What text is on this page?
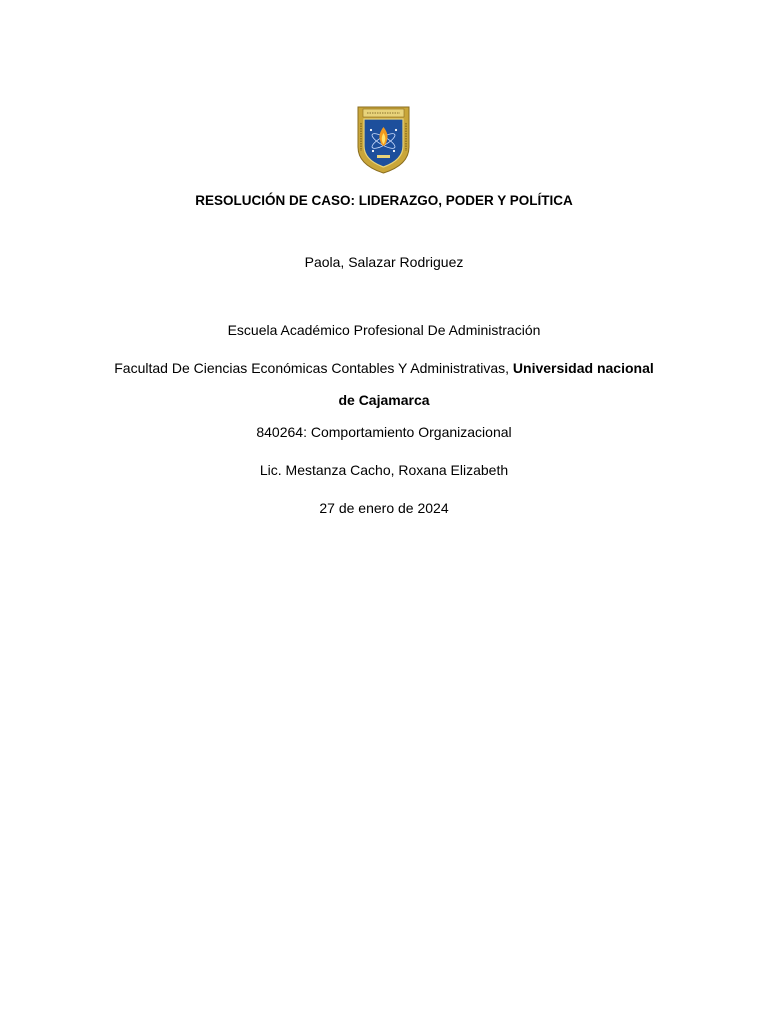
RESOLUCIÓN DE CASO: LIDERAZGO, PODER Y POLÍTICA
Paola, Salazar Rodriguez
Escuela Académico Profesional De Administración
Facultad De Ciencias Económicas Contables Y Administrativas, Universidad nacional
de Cajamarca
840264: Comportamiento Organizacional
Lic. Mestanza Cacho, Roxana Elizabeth
27 de enero de 2024
